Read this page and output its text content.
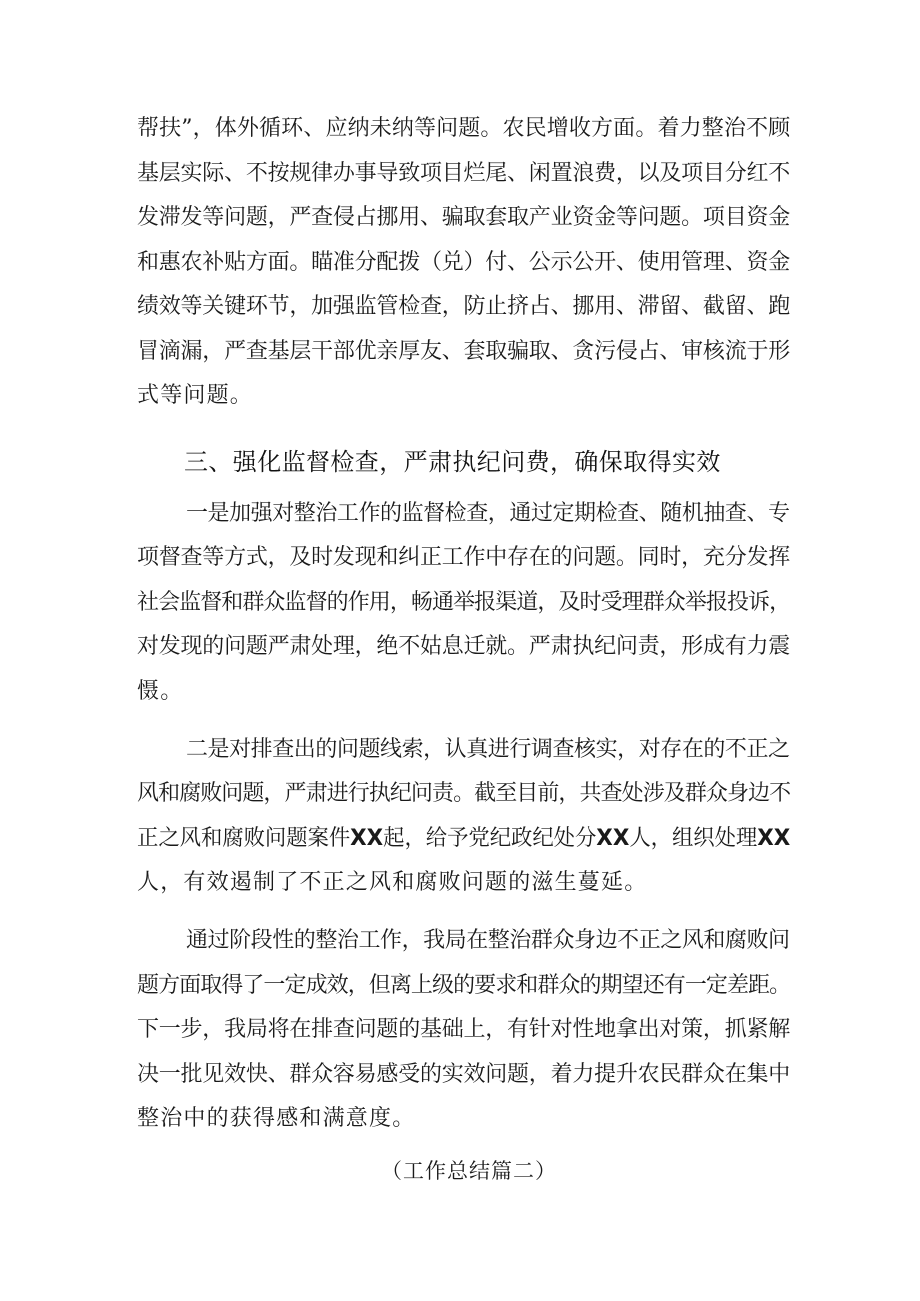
帮扶”，体外循环、应纳未纳等问题。农民增收方面。着力整治不顾
基层实际、不按规律办事导致项目烂尾、闲置浪费，以及项目分红不
发滞发等问题，严查侵占挪用、骗取套取产业资金等问题。项目资金
和惠农补贴方面。瞄准分配拨（兑）付、公示公开、使用管理、资金
绩效等关键环节，加强监管检查，防止挤占、挪用、滞留、截留、跑
冒滴漏，严查基层干部优亲厚友、套取骗取、贪污侵占、审核流于形
式等问题。
三、强化监督检查，严肃执纪问费，确保取得实效
一是加强对整治工作的监督检查，通过定期检查、随机抽查、专
项督查等方式，及时发现和纠正工作中存在的问题。同时，充分发挥
社会监督和群众监督的作用，畅通举报渠道，及时受理群众举报投诉，
对发现的问题严肃处理，绝不姑息迁就。严肃执纪问责，形成有力震
慑。
二是对排查出的问题线索，认真进行调查核实，对存在的不正之
风和腐败问题，严肃进行执纪问责。截至目前，共查处涉及群众身边不
正之风和腐败问题案件XX起，给予党纪政纪处分XX人，组织处理XX
人，有效遏制了不正之风和腐败问题的滋生蔓延。
通过阶段性的整治工作，我局在整治群众身边不正之风和腐败问
题方面取得了一定成效，但离上级的要求和群众的期望还有一定差距。
下一步，我局将在排查问题的基础上，有针对性地拿出对策，抓紧解
决一批见效快、群众容易感受的实效问题，着力提升农民群众在集中
整治中的获得感和满意度。
（工作总结篇二）
